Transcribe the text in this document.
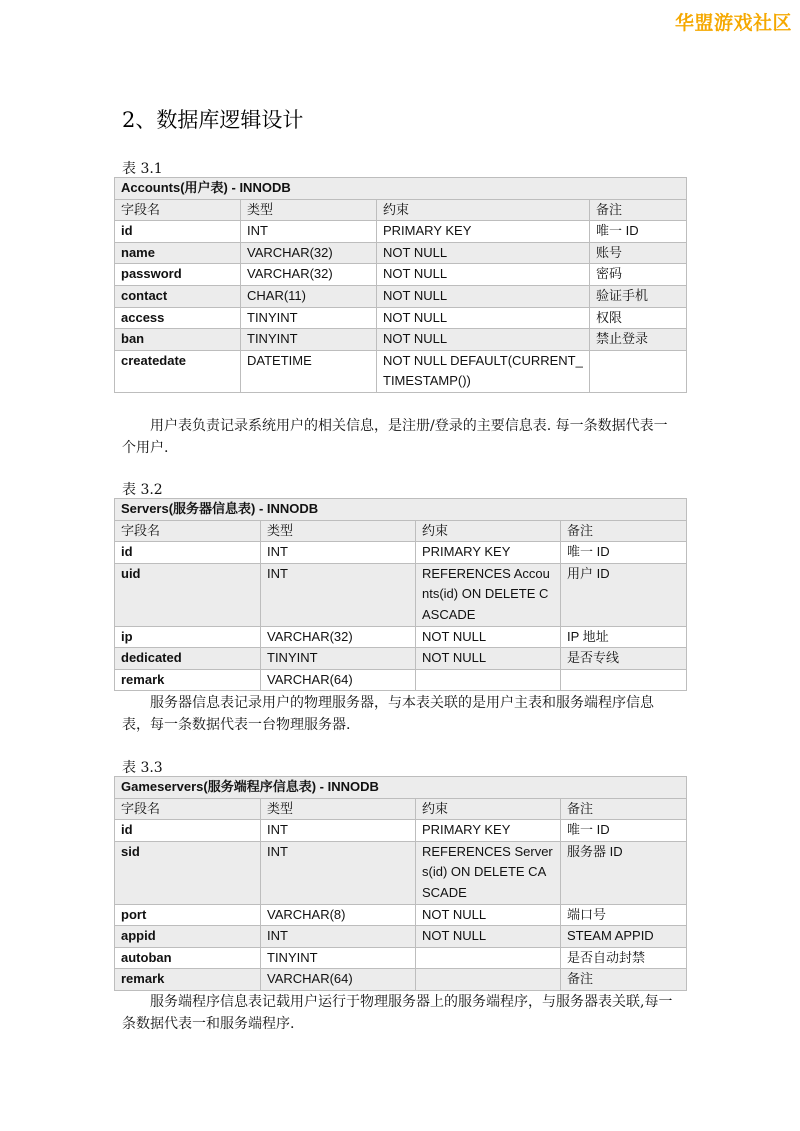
华盟游戏社区
2、数据库逻辑设计
表 3.1
Accounts(用户表) - INNODB			
字段名	类型	约束	备注
id	INT	PRIMARY KEY	唯一 ID
name	VARCHAR(32)	NOT NULL	账号
password	VARCHAR(32)	NOT NULL	密码
contact	CHAR(11)	NOT NULL	验证手机
access	TINYINT	NOT NULL	权限
ban	TINYINT	NOT NULL	禁止登录
createdate	DATETIME	NOT NULL DEFAULT(CURRENT_TIMESTAMP())	
用户表负责记录系统用户的相关信息，是注册/登录的主要信息表. 每一条数据代表一个用户.
表 3.2
Servers(服务器信息表) - INNODB			
字段名	类型	约束	备注
id	INT	PRIMARY KEY	唯一 ID
uid	INT	REFERENCES Accounts(id) ON DELETE CASCADE	用户 ID
ip	VARCHAR(32)	NOT NULL	IP 地址
dedicated	TINYINT	NOT NULL	是否专线
remark	VARCHAR(64)		
服务器信息表记录用户的物理服务器，与本表关联的是用户主表和服务端程序信息表，每一条数据代表一台物理服务器.
表 3.3
Gameservers(服务端程序信息表) - INNODB			
字段名	类型	约束	备注
id	INT	PRIMARY KEY	唯一 ID
sid	INT	REFERENCES Servers(id) ON DELETE CASCADE	服务器 ID
port	VARCHAR(8)	NOT NULL	端口号
appid	INT	NOT NULL	STEAM APPID
autoban	TINYINT		是否自动封禁
remark	VARCHAR(64)		备注
服务端程序信息表记载用户运行于物理服务器上的服务端程序，与服务器表关联,每一条数据代表一和服务端程序.
